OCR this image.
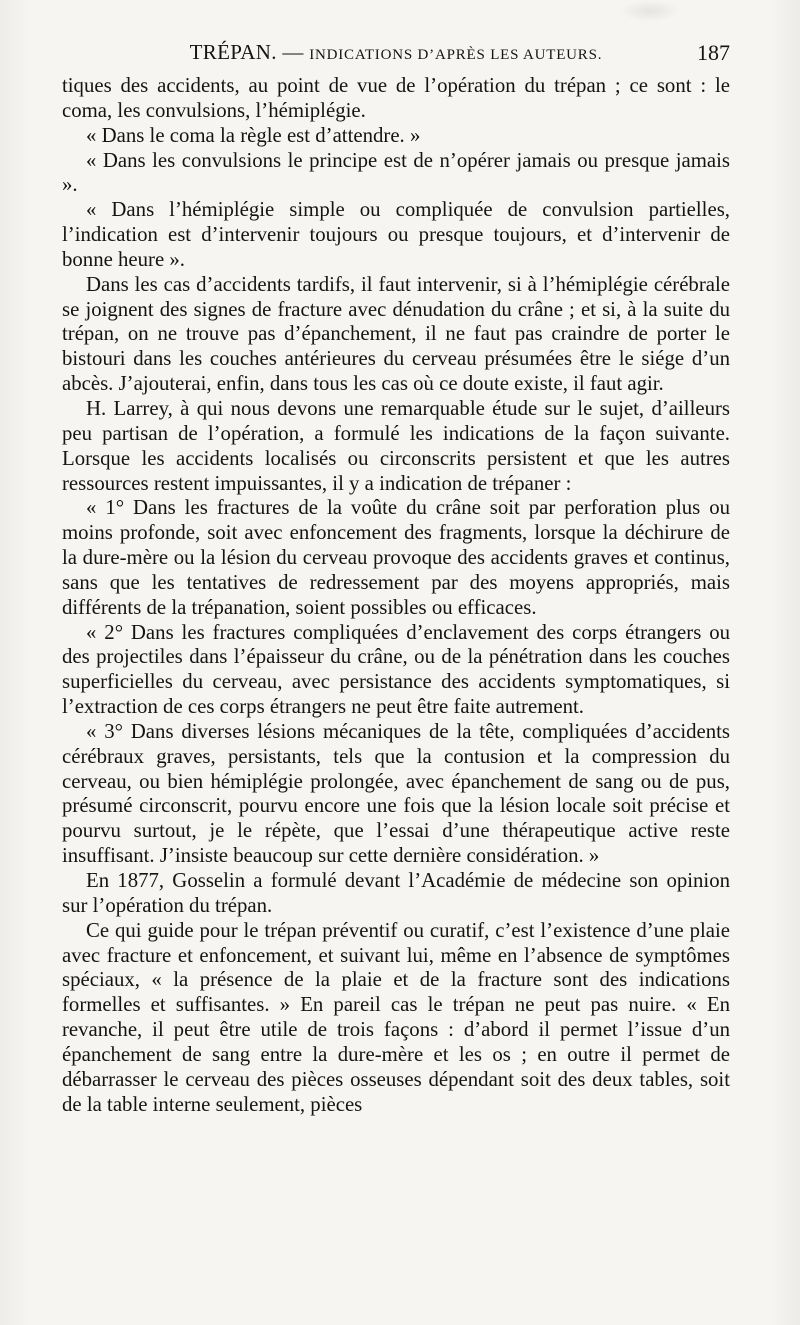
TRÉPAN. — INDICATIONS D’APRÈS LES AUTEURS.	187

tiques des accidents, au point de vue de l’opération du trépan ; ce sont : le coma, les convulsions, l’hémiplégie.

« Dans le coma la règle est d’attendre. »

« Dans les convulsions le principe est de n’opérer jamais ou presque jamais ».

« Dans l’hémiplégie simple ou compliquée de convulsion partielles, l’indication est d’intervenir toujours ou presque toujours, et d’intervenir de bonne heure ».

Dans les cas d’accidents tardifs, il faut intervenir, si à l’hémiplégie cérébrale se joignent des signes de fracture avec dénudation du crâne ; et si, à la suite du trépan, on ne trouve pas d’épanchement, il ne faut pas craindre de porter le bistouri dans les couches antérieures du cerveau présumées être le siége d’un abcès. J’ajouterai, enfin, dans tous les cas où ce doute existe, il faut agir.

H. Larrey, à qui nous devons une remarquable étude sur le sujet, d’ailleurs peu partisan de l’opération, a formulé les indications de la façon suivante. Lorsque les accidents localisés ou circonscrits persistent et que les autres ressources restent impuissantes, il y a indication de trépaner :

« 1° Dans les fractures de la voûte du crâne soit par perforation plus ou moins profonde, soit avec enfoncement des fragments, lorsque la déchirure de la dure-mère ou la lésion du cerveau provoque des accidents graves et continus, sans que les tentatives de redressement par des moyens appropriés, mais différents de la trépanation, soient possibles ou efficaces.

« 2° Dans les fractures compliquées d’enclavement des corps étrangers ou des projectiles dans l’épaisseur du crâne, ou de la pénétration dans les couches superficielles du cerveau, avec persistance des accidents symptomatiques, si l’extraction de ces corps étrangers ne peut être faite autrement.

« 3° Dans diverses lésions mécaniques de la tête, compliquées d’accidents cérébraux graves, persistants, tels que la contusion et la compression du cerveau, ou bien hémiplégie prolongée, avec épanchement de sang ou de pus, présumé circonscrit, pourvu encore une fois que la lésion locale soit précise et pourvu surtout, je le répète, que l’essai d’une thérapeutique active reste insuffisant. J’insiste beaucoup sur cette dernière considération. »

En 1877, Gosselin a formulé devant l’Académie de médecine son opinion sur l’opération du trépan.

Ce qui guide pour le trépan préventif ou curatif, c’est l’existence d’une plaie avec fracture et enfoncement, et suivant lui, même en l’absence de symptômes spéciaux, « la présence de la plaie et de la fracture sont des indications formelles et suffisantes. » En pareil cas le trépan ne peut pas nuire. « En revanche, il peut être utile de trois façons : d’abord il permet l’issue d’un épanchement de sang entre la dure-mère et les os ; en outre il permet de débarrasser le cerveau des pièces osseuses dépendant soit des deux tables, soit de la table interne seulement, pièces
